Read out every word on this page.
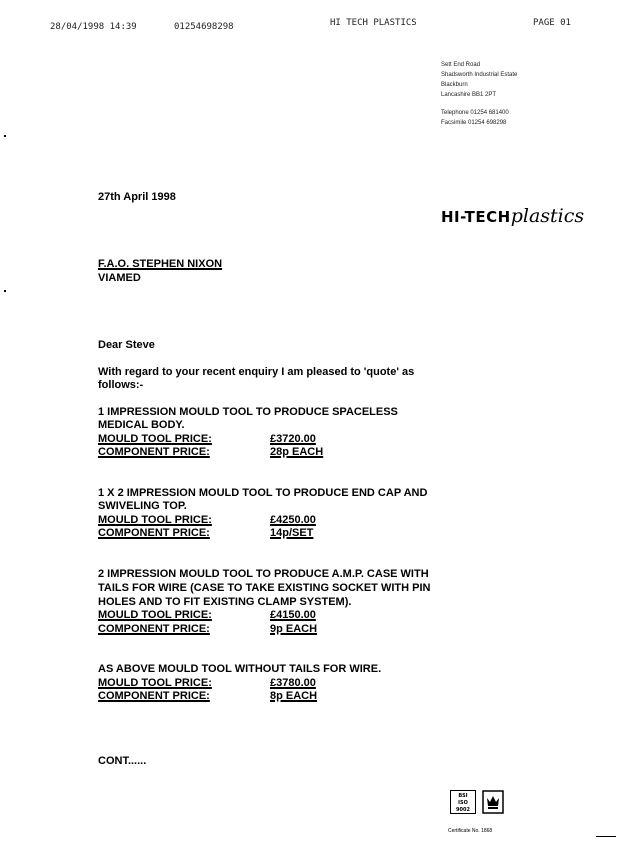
28/04/1998 14:39	01254698298	HI TECH PLASTICS	PAGE 01
Sett End Road
Shadsworth Industrial Estate
Blackburn
Lancashire BB1 2PT
Telephone 01254 681400
Facsimile 01254 698298
HI-TECHplastics
27th April 1998
F.A.O. STEPHEN NIXON
VIAMED
Dear Steve
With regard to your recent enquiry I am pleased to 'quote' as
follows:-
1 IMPRESSION MOULD TOOL TO PRODUCE SPACELESS
MEDICAL BODY.
MOULD TOOL PRICE:	£3720.00
COMPONENT PRICE:	28p EACH
1 X 2 IMPRESSION MOULD TOOL TO PRODUCE END CAP AND
SWIVELING TOP.
MOULD TOOL PRICE:	£4250.00
COMPONENT PRICE:	14p/SET
2 IMPRESSION MOULD TOOL TO PRODUCE A.M.P. CASE WITH
TAILS FOR WIRE (CASE TO TAKE EXISTING SOCKET WITH PIN
HOLES AND TO FIT EXISTING CLAMP SYSTEM).
MOULD TOOL PRICE:	£4150.00
COMPONENT PRICE:	9p EACH
AS ABOVE MOULD TOOL WITHOUT TAILS FOR WIRE.
MOULD TOOL PRICE:	£3780.00
COMPONENT PRICE:	8p EACH
CONT......
BSI
ISO 9002
Certificate No. 1868
